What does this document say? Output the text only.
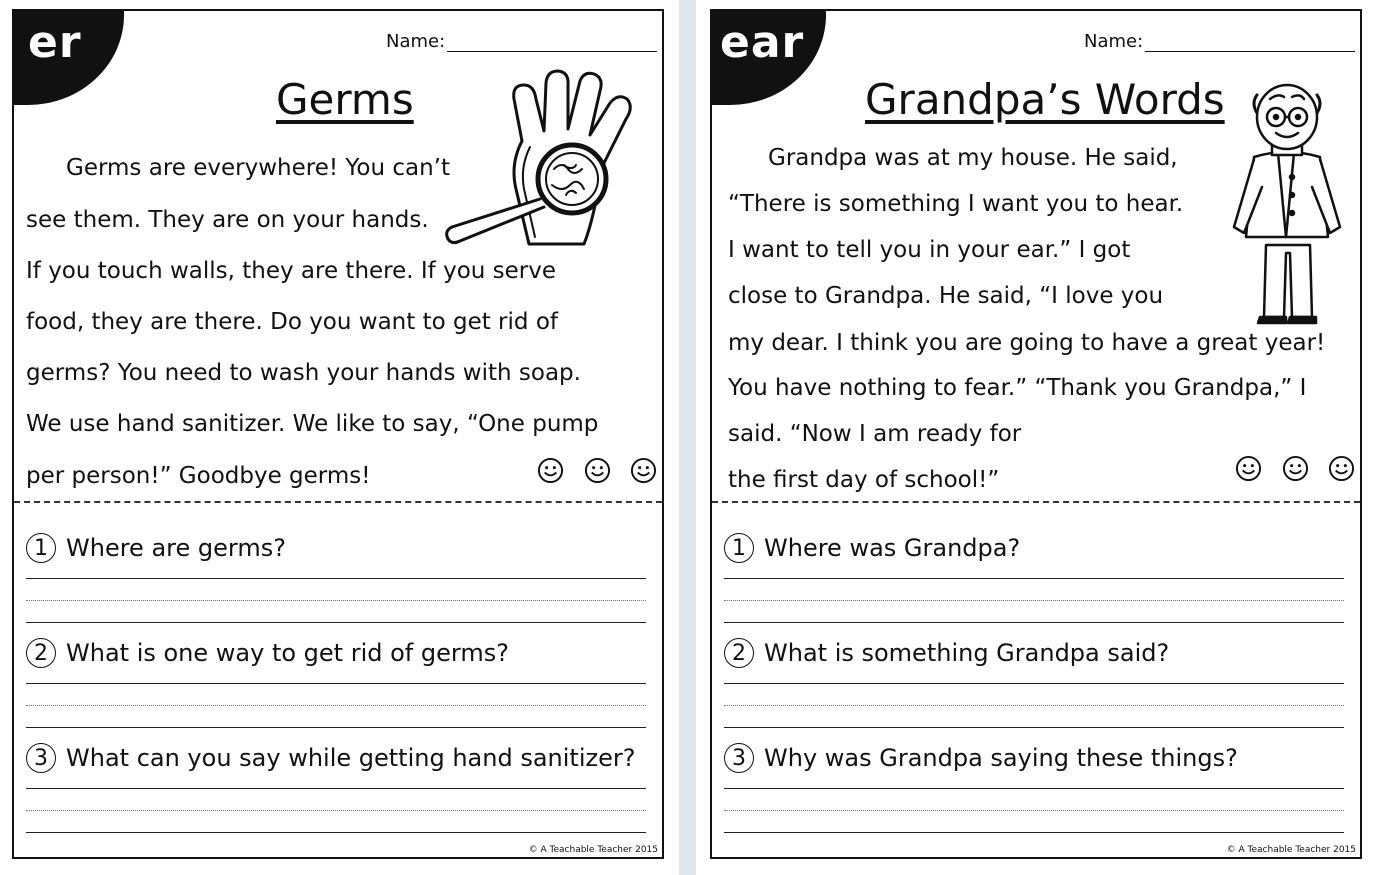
er	Name:
Germs

Germs are everywhere! You can’t

see them. They are on your hands.

If you touch walls, they are there. If you serve

food, they are there. Do you want to get rid of

germs? You need to wash your hands with soap.

We use hand sanitizer. We like to say, “One pump

per person!” Goodbye germs!

1 Where are germs?
2 What is one way to get rid of germs?
3 What can you say while getting hand sanitizer?
© A Teachable Teacher 2015
ear	Name:
Grandpa’s Words

Grandpa was at my house. He said,

“There is something I want you to hear.

I want to tell you in your ear.” I got

close to Grandpa. He said, “I love you

my dear. I think you are going to have a great year!

You have nothing to fear.” “Thank you Grandpa,” I

said. “Now I am ready for

the first day of school!”

1 Where was Grandpa?
2 What is something Grandpa said?
3 Why was Grandpa saying these things?
© A Teachable Teacher 2015
